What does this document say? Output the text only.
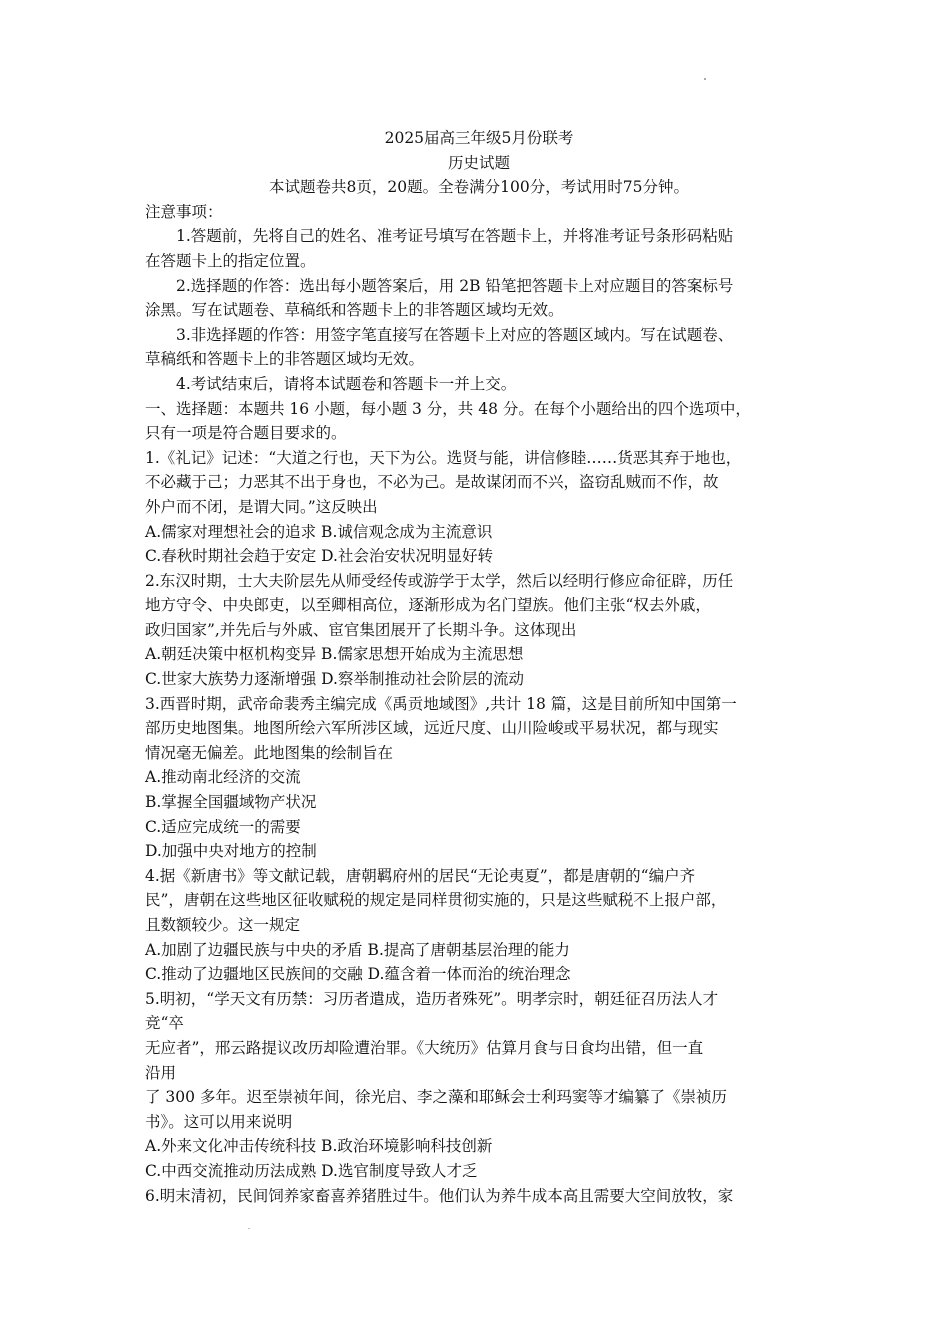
2025届高三年级5月份联考
历史试题
本试题卷共8页，20题。全卷满分100分，考试用时75分钟。
注意事项：
1.答题前，先将自己的姓名、准考证号填写在答题卡上，并将准考证号条形码粘贴
在答题卡上的指定位置。
2.选择题的作答：选出每小题答案后，用 2B 铅笔把答题卡上对应题目的答案标号
涂黑。写在试题卷、草稿纸和答题卡上的非答题区域均无效。
3.非选择题的作答：用签字笔直接写在答题卡上对应的答题区域内。写在试题卷、
草稿纸和答题卡上的非答题区域均无效。
4.考试结束后，请将本试题卷和答题卡一并上交。
一、选择题：本题共 16 小题，每小题 3 分，共 48 分。在每个小题给出的四个选项中，
只有一项是符合题目要求的。
1.《礼记》记述：“大道之行也，天下为公。选贤与能，讲信修睦……货恶其弃于地也，
不必藏于己；力恶其不出于身也，不必为己。是故谋闭而不兴，盗窃乱贼而不作，故
外户而不闭，是谓大同。”这反映出
A.儒家对理想社会的追求 B.诚信观念成为主流意识
C.春秋时期社会趋于安定 D.社会治安状况明显好转
2.东汉时期，士大夫阶层先从师受经传或游学于太学，然后以经明行修应命征辟，历任
地方守令、中央郎吏，以至卿相高位，逐渐形成为名门望族。他们主张“权去外戚，
政归国家”,并先后与外戚、宦官集团展开了长期斗争。这体现出
A.朝廷决策中枢机构变异 B.儒家思想开始成为主流思想
C.世家大族势力逐渐增强 D.察举制推动社会阶层的流动
3.西晋时期，武帝命裴秀主编完成《禹贡地域图》,共计 18 篇，这是目前所知中国第一
部历史地图集。地图所绘六军所涉区域，远近尺度、山川险峻或平易状况，都与现实
情况毫无偏差。此地图集的绘制旨在
A.推动南北经济的交流
B.掌握全国疆域物产状况
C.适应完成统一的需要
D.加强中央对地方的控制
4.据《新唐书》等文献记载，唐朝羁府州的居民“无论夷夏”，都是唐朝的“编户齐
民”，唐朝在这些地区征收赋税的规定是同样贯彻实施的，只是这些赋税不上报户部，
且数额较少。这一规定
A.加剧了边疆民族与中央的矛盾 B.提高了唐朝基层治理的能力
C.推动了边疆地区民族间的交融 D.蕴含着一体而治的统治理念
5.明初，“学天文有历禁：习历者遣成，造历者殊死”。明孝宗时，朝廷征召历法人才
竞“卒
无应者”，邢云路提议改历却险遭治罪。《大统历》估算月食与日食均出错，但一直
沿用
了 300 多年。迟至崇祯年间，徐光启、李之藻和耶稣会士利玛窦等才编纂了《崇祯历
书》。这可以用来说明
A.外来文化冲击传统科技 B.政治环境影响科技创新
C.中西交流推动历法成熟 D.选官制度导致人才乏
6.明末清初，民间饲养家畜喜养猪胜过牛。他们认为养牛成本高且需要大空间放牧，家
